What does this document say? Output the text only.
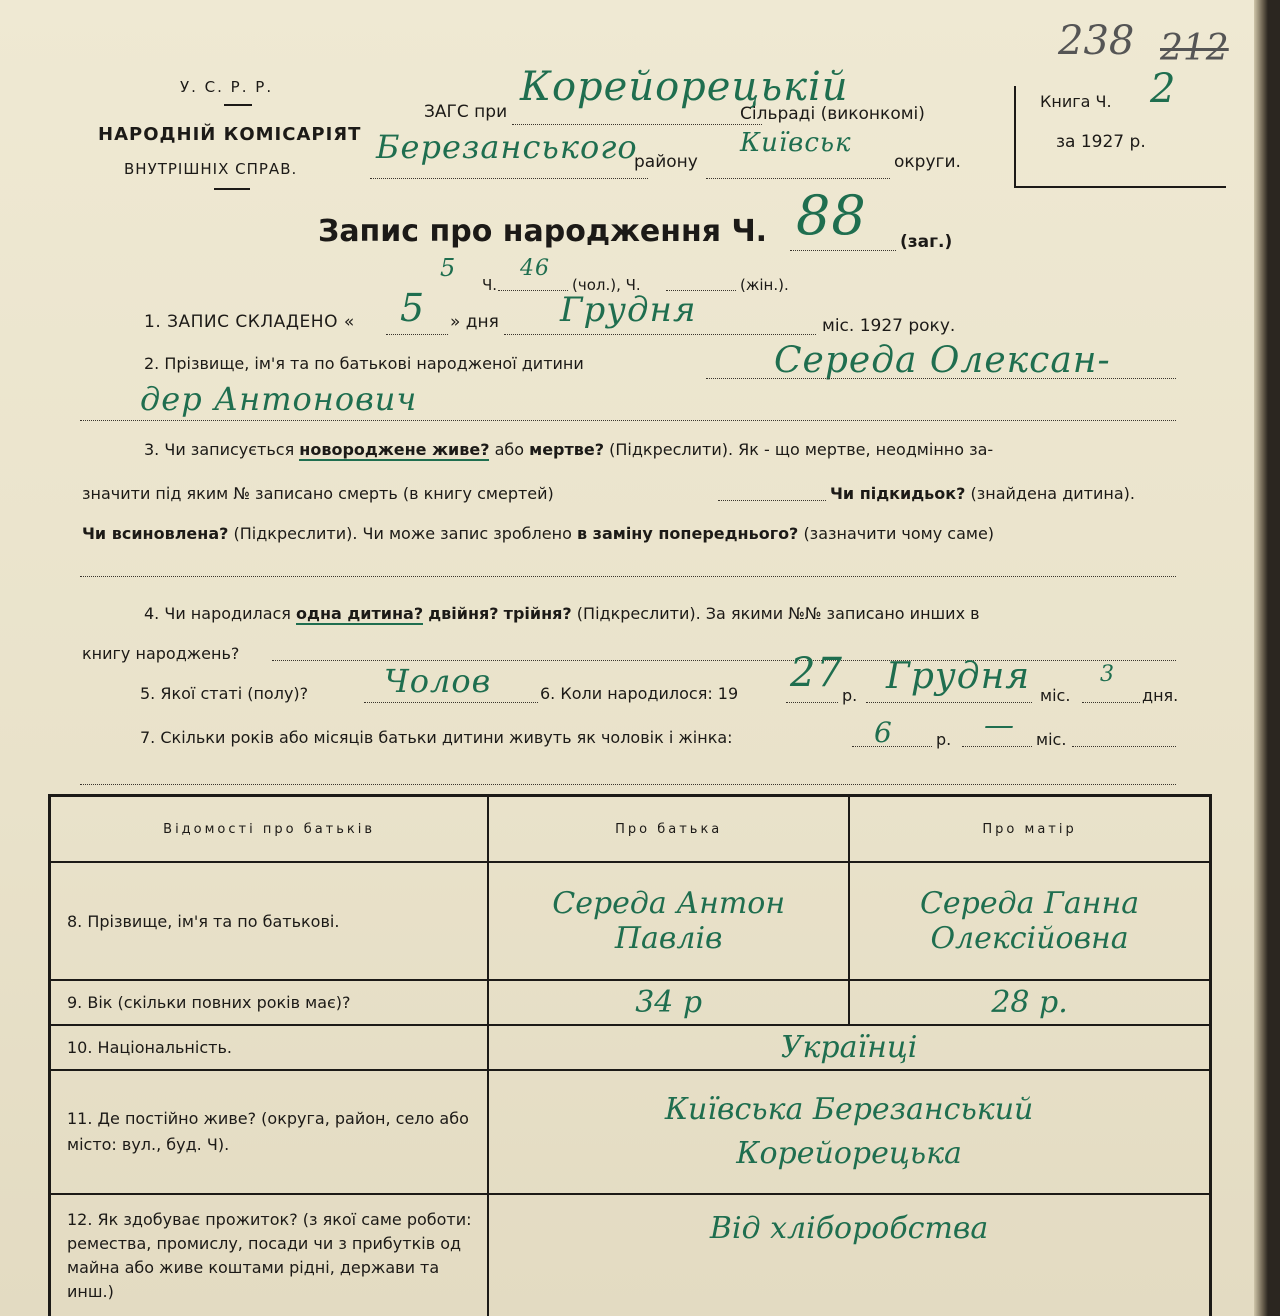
238 212
У. С. Р. Р.
НАРОДНІЙ КОМІСАРІЯТ
ВНУТРІШНІХ СПРАВ.
ЗАГС при
Корейорецькій
Сільраді (виконкомі)
Березанського
району
Київськ
округи.
Книга Ч. 2
за 1927 р.
Запис про народження Ч. 88 (заг.)
5
Ч.
46
(чол.), Ч.	(жін.).
1. ЗАПИС СКЛАДЕНО « 5 » дня Грудня	міс. 1927 року.
2. Прізвище, ім'я та по батькові народженої дитини	Середа Олексан-
дер Антонович
3. Чи записується новороджене живе? або мертве? (Підкреслити). Як - що мертве, неодмінно за-
значити під яким № записано смерть (в книгу смертей)	Чи підкидьок? (знайдена дитина).
Чи всиновлена? (Підкреслити). Чи може запис зроблено в заміну попереднього? (зазначити чому саме)
4. Чи народилася одна дитина? двійня? трійня? (Підкреслити). За якими №№ записано инших в
книгу народжень?
5. Якої статі (полу)? Чолов	6. Коли народилося: 19 27 р. Грудня міс.
3
дня.
7. Скільки років або місяців батьки дитини живуть як чоловік і жінка:	6	р. — міс.
Відомості про батьків	Про батька	Про матір
8. Прізвище, ім'я та по батькові.	Середа Антон Павлів	Середа Ганна Олексійовна
9. Вік (скільки повних років має)?	34 р	28 р.
10. Національність.	Українці	
11. Де постійно живе? (округа, район, село або місто: вул., буд. Ч).	Київська Березанський
Корейорецька	

12. Як здобуває прожиток? (з якої саме роботи: ремества, промислу, посади чи з прибутків од майна або живе коштами рідні, держави та инш.)	Від хліборобства	
